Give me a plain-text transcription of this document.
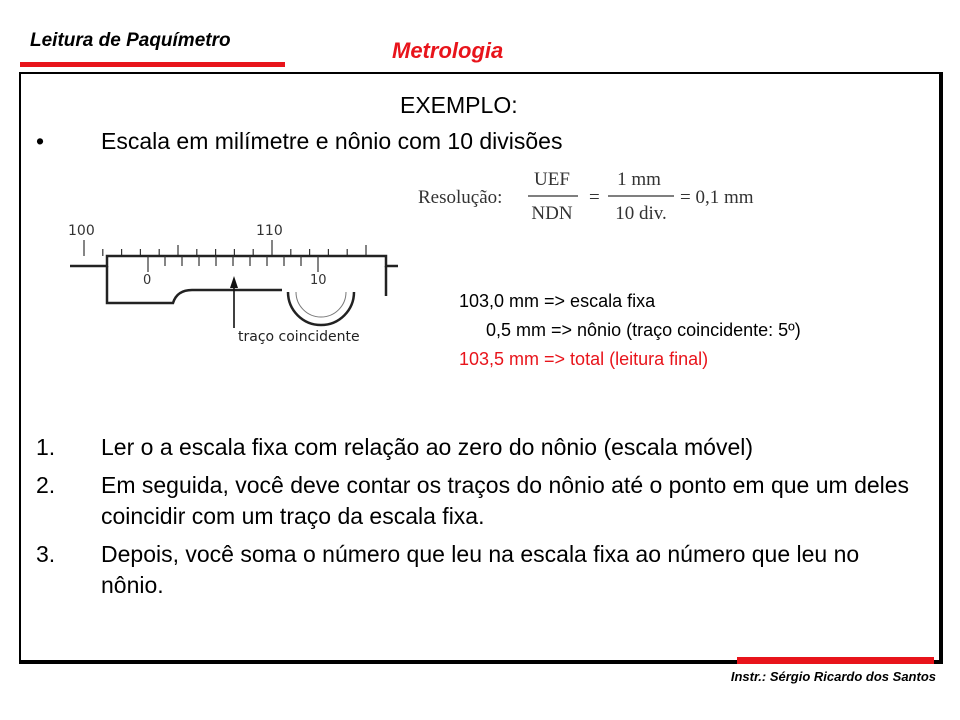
Leitura de Paquímetro	Metrologia
EXEMPLO:
• Escala em milímetre e nônio com 10 divisões
Resolução:
UEF
NDN
=
1 mm
10 div.
= 0,1 mm
100	110
0	10
traço coincidente
103,0 mm => escala fixa
0,5 mm => nônio (traço coincidente: 5º)
103,5 mm => total (leitura final)
1. Ler o a escala fixa com relação ao zero do nônio (escala móvel)
2. Em seguida, você deve contar os traços do nônio até o ponto em que um deles coincidir com um traço da escala fixa.
3. Depois, você soma o número que leu na escala fixa ao número que leu no nônio.
Instr.: Sérgio Ricardo dos Santos
